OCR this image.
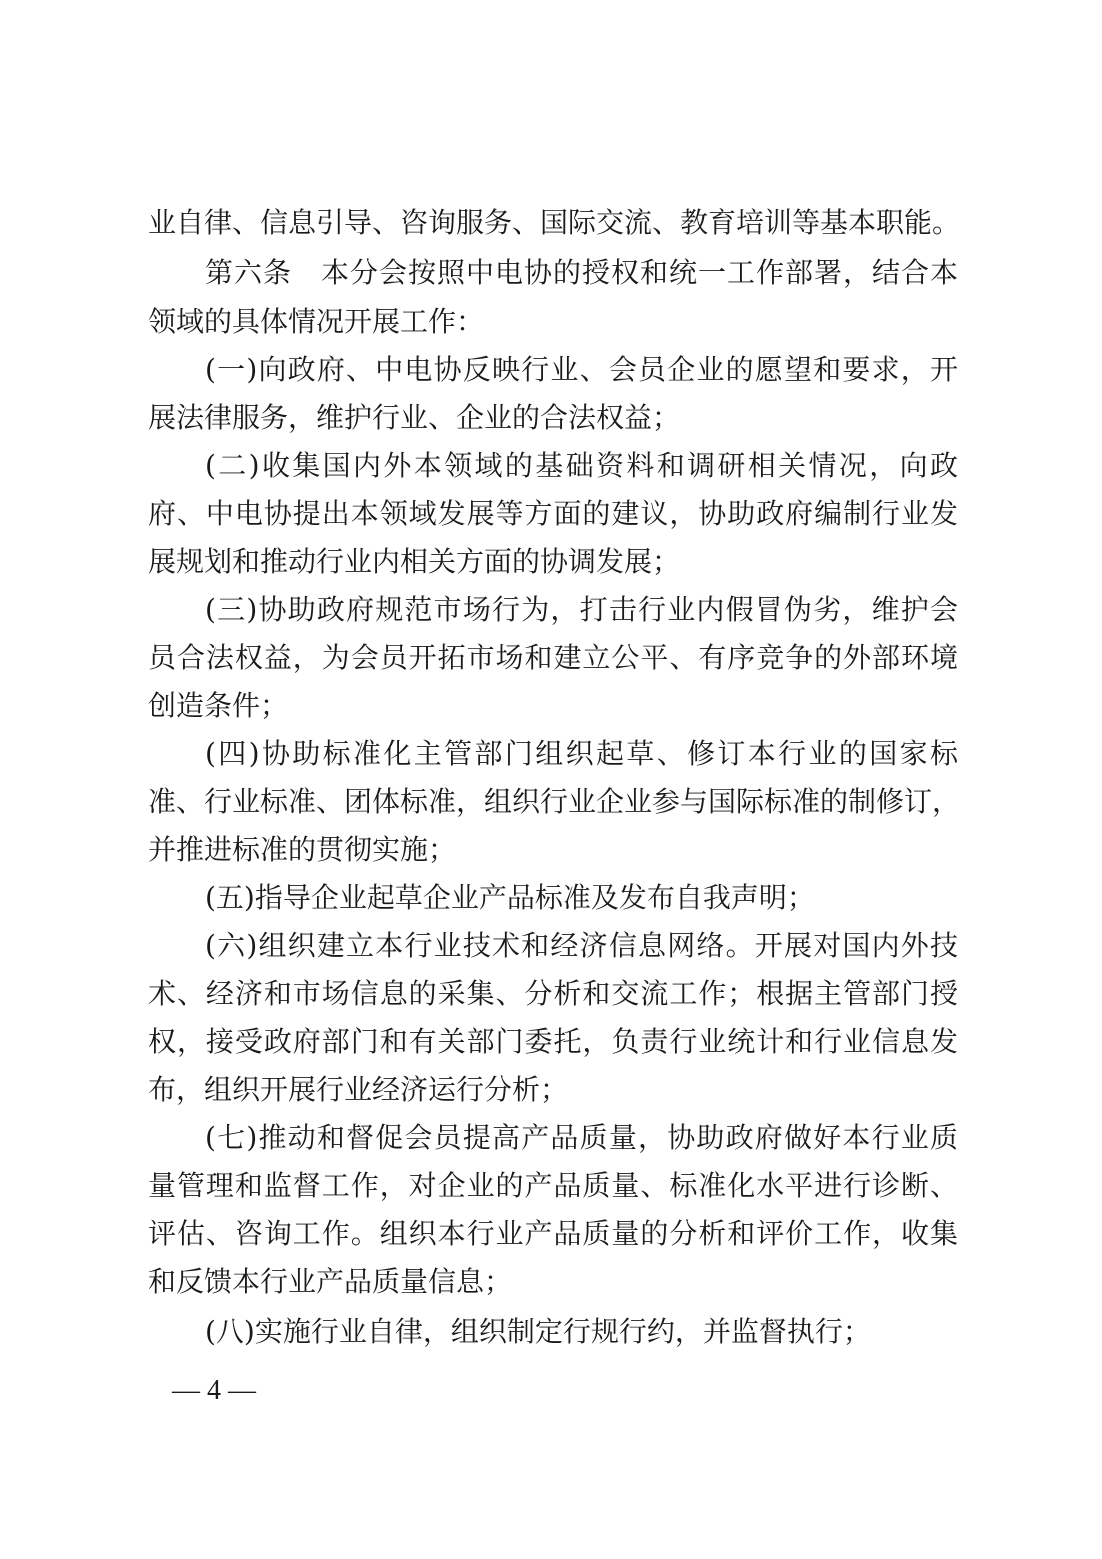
业自律、信息引导、咨询服务、国际交流、教育培训等基本职能。
第六条　本分会按照中电协的授权和统一工作部署，结合本
领域的具体情况开展工作：
(一)向政府、中电协反映行业、会员企业的愿望和要求，开
展法律服务，维护行业、企业的合法权益；
(二)收集国内外本领域的基础资料和调研相关情况，向政
府、中电协提出本领域发展等方面的建议，协助政府编制行业发
展规划和推动行业内相关方面的协调发展；
(三)协助政府规范市场行为，打击行业内假冒伪劣，维护会
员合法权益，为会员开拓市场和建立公平、有序竞争的外部环境
创造条件；
(四)协助标准化主管部门组织起草、修订本行业的国家标
准、行业标准、团体标准，组织行业企业参与国际标准的制修订，
并推进标准的贯彻实施；
(五)指导企业起草企业产品标准及发布自我声明；
(六)组织建立本行业技术和经济信息网络。开展对国内外技
术、经济和市场信息的采集、分析和交流工作；根据主管部门授
权，接受政府部门和有关部门委托，负责行业统计和行业信息发
布，组织开展行业经济运行分析；
(七)推动和督促会员提高产品质量，协助政府做好本行业质
量管理和监督工作，对企业的产品质量、标准化水平进行诊断、
评估、咨询工作。组织本行业产品质量的分析和评价工作，收集
和反馈本行业产品质量信息；
(八)实施行业自律，组织制定行规行约，并监督执行；
— 4 —
